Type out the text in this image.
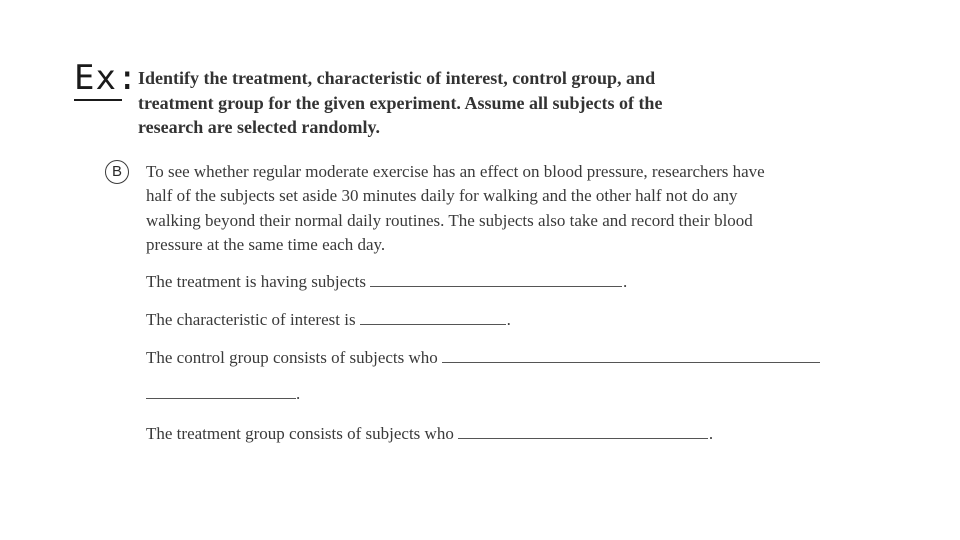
Ex: Identify the treatment, characteristic of interest, control group, and
treatment group for the given experiment. Assume all subjects of the
research are selected randomly.
B	To see whether regular moderate exercise has an effect on blood pressure, researchers have
half of the subjects set aside 30 minutes daily for walking and the other half not do any
walking beyond their normal daily routines. The subjects also take and record their blood
pressure at the same time each day.
The treatment is having subjects	.
The characteristic of interest is	.
The control group consists of subjects who
.
The treatment group consists of subjects who	.
